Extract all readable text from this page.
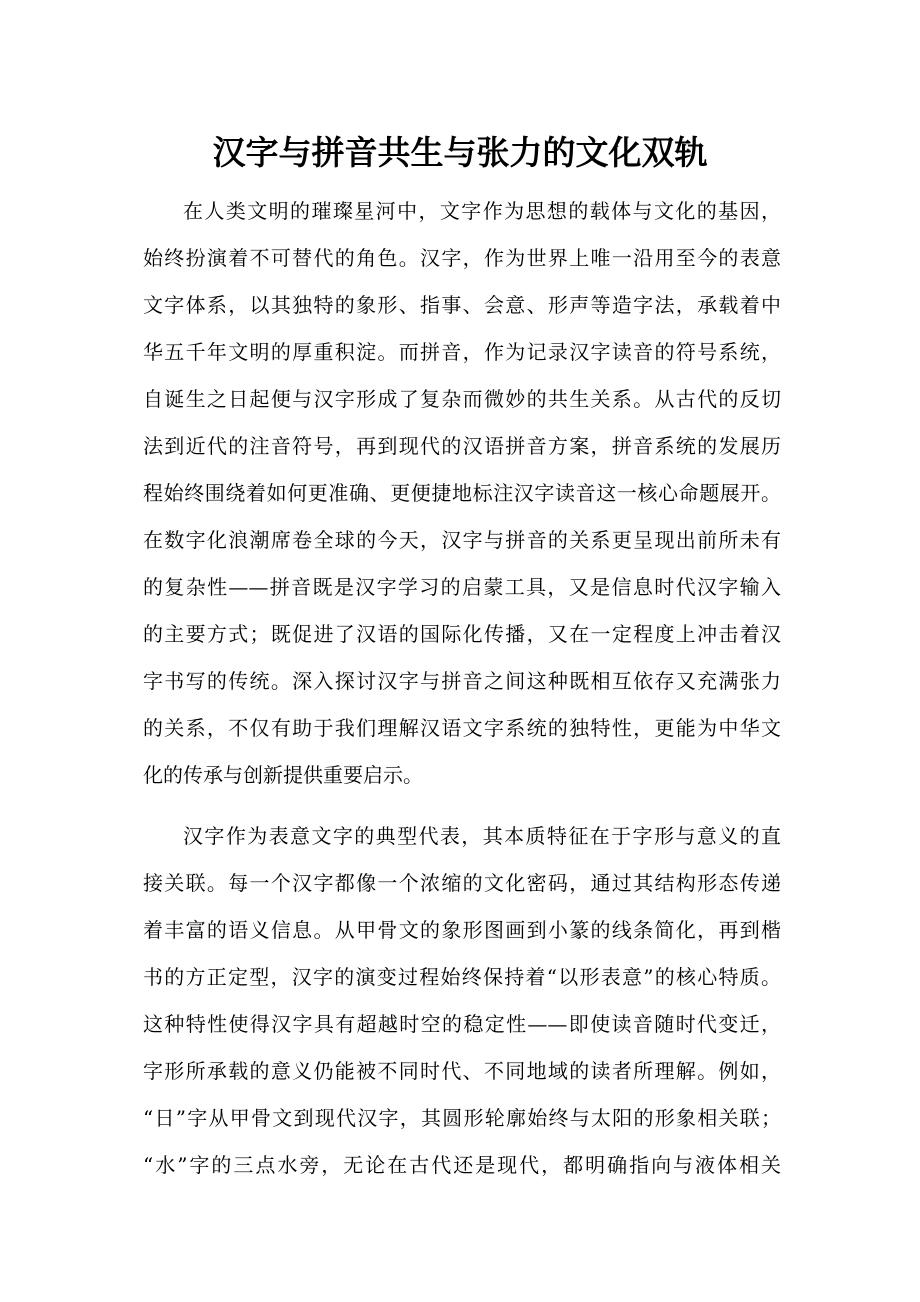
汉字与拼音共生与张力的文化双轨
在人类文明的璀璨星河中，文字作为思想的载体与文化的基因，
始终扮演着不可替代的角色。汉字，作为世界上唯一沿用至今的表意
文字体系，以其独特的象形、指事、会意、形声等造字法，承载着中
华五千年文明的厚重积淀。而拼音，作为记录汉字读音的符号系统，
自诞生之日起便与汉字形成了复杂而微妙的共生关系。从古代的反切
法到近代的注音符号，再到现代的汉语拼音方案，拼音系统的发展历
程始终围绕着如何更准确、更便捷地标注汉字读音这一核心命题展开。
在数字化浪潮席卷全球的今天，汉字与拼音的关系更呈现出前所未有
的复杂性——拼音既是汉字学习的启蒙工具，又是信息时代汉字输入
的主要方式；既促进了汉语的国际化传播，又在一定程度上冲击着汉
字书写的传统。深入探讨汉字与拼音之间这种既相互依存又充满张力
的关系，不仅有助于我们理解汉语文字系统的独特性，更能为中华文
化的传承与创新提供重要启示。
汉字作为表意文字的典型代表，其本质特征在于字形与意义的直
接关联。每一个汉字都像一个浓缩的文化密码，通过其结构形态传递
着丰富的语义信息。从甲骨文的象形图画到小篆的线条简化，再到楷
书的方正定型，汉字的演变过程始终保持着“以形表意”的核心特质。
这种特性使得汉字具有超越时空的稳定性——即使读音随时代变迁，
字形所承载的意义仍能被不同时代、不同地域的读者所理解。例如，
“日”字从甲骨文到现代汉字，其圆形轮廓始终与太阳的形象相关联；
“水”字的三点水旁，无论在古代还是现代，都明确指向与液体相关
